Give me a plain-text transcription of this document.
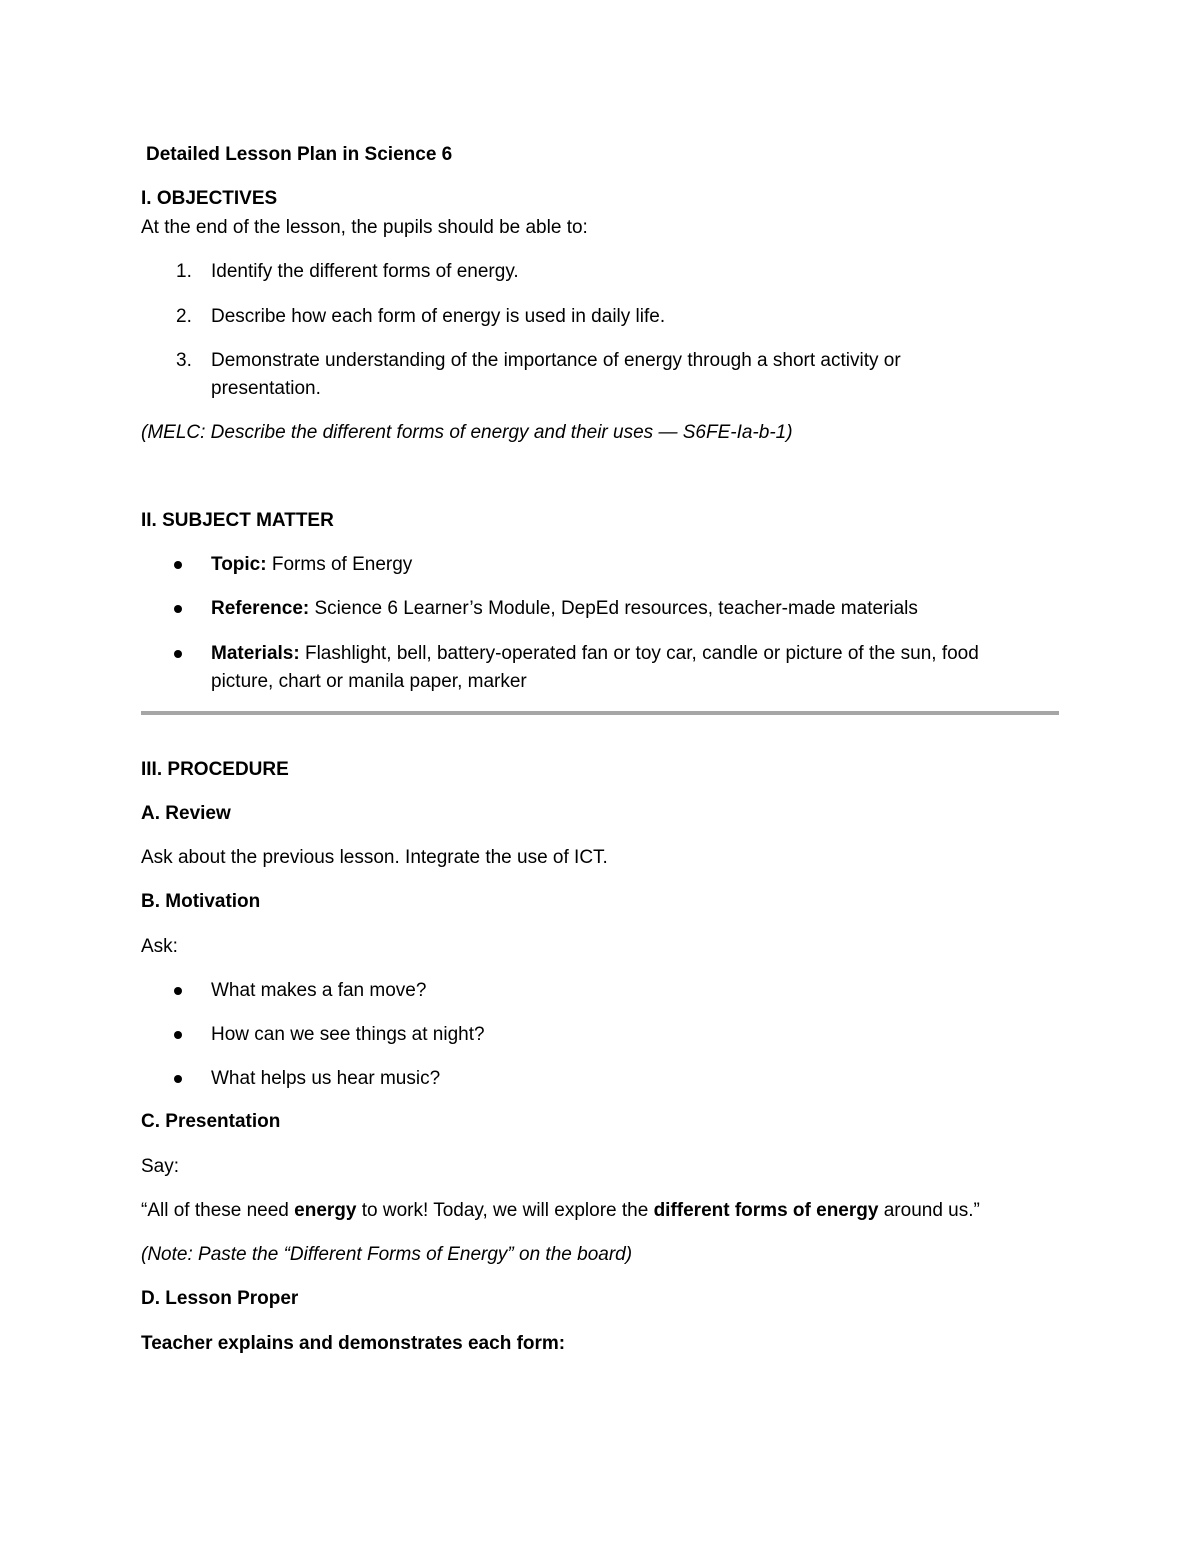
Detailed Lesson Plan in Science 6
I. OBJECTIVES
At the end of the lesson, the pupils should be able to:
1. Identify the different forms of energy.
2. Describe how each form of energy is used in daily life.
3. Demonstrate understanding of the importance of energy through a short activity or
presentation.
(MELC: Describe the different forms of energy and their uses — S6FE-Ia-b-1)
II. SUBJECT MATTER
Topic: Forms of Energy
Reference: Science 6 Learner’s Module, DepEd resources, teacher-made materials
Materials: Flashlight, bell, battery-operated fan or toy car, candle or picture of the sun, food
picture, chart or manila paper, marker
III. PROCEDURE
A. Review
Ask about the previous lesson. Integrate the use of ICT.
B. Motivation
Ask:
What makes a fan move?
How can we see things at night?
What helps us hear music?
C. Presentation
Say:
“All of these need energy to work! Today, we will explore the different forms of energy around us.”
(Note: Paste the “Different Forms of Energy” on the board)
D. Lesson Proper
Teacher explains and demonstrates each form:
